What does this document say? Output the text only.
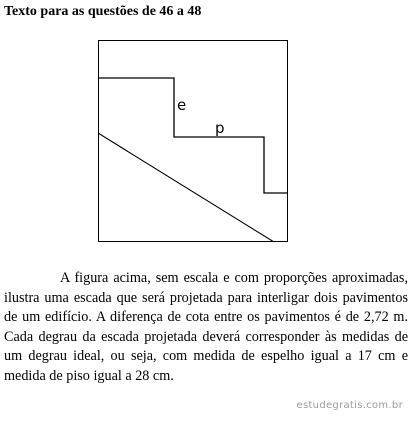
Texto para as questões de 46 a 48
e
p
A figura acima, sem escala e com proporções aproximadas, ilustra uma escada que será projetada para interligar dois pavimentos de um edifício. A diferença de cota entre os pavimentos é de 2,72 m. Cada degrau da escada projetada deverá corresponder às medidas de um degrau ideal, ou seja, com medida de espelho igual a 17 cm e medida de piso igual a 28 cm.
estudegratis.com.br
